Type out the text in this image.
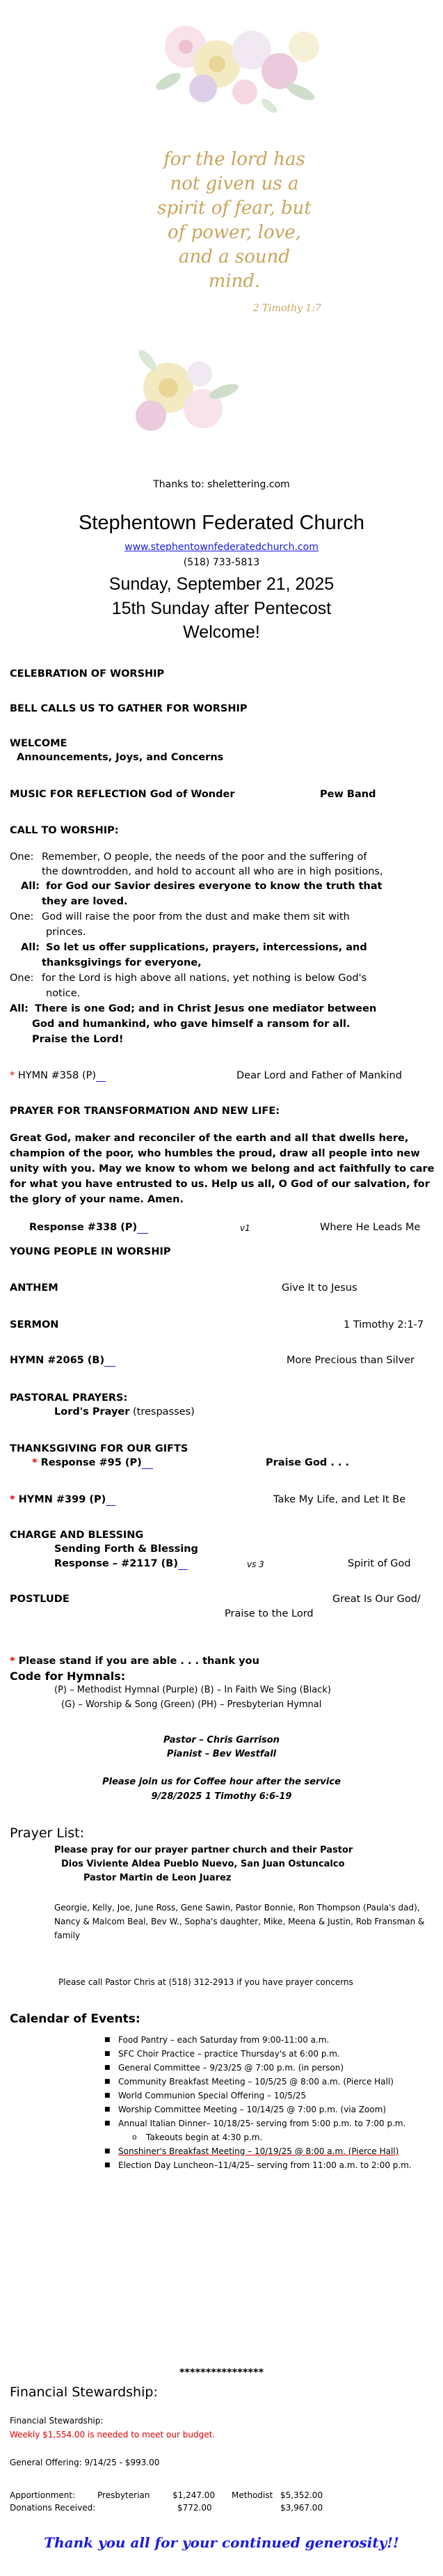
for the lord has
not given us a
spirit of fear, but
of power, love,
and a sound
mind.
2 Timothy 1:7
Thanks to: shelettering.com
Stephentown Federated Church
www.stephentownfederatedchurch.com
(518) 733-5813
Sunday, September 21, 2025
15th Sunday after Pentecost
Welcome!
CELEBRATION OF WORSHIP
BELL CALLS US TO GATHER FOR WORSHIP
WELCOME
Announcements, Joys, and Concerns
MUSIC FOR REFLECTION God of Wonder	Pew Band
CALL TO WORSHIP:
One: Remember, O people, the needs of the poor and the suffering of
the downtrodden, and hold to account all who are in high positions,
All: for God our Savior desires everyone to know the truth that
they are loved.
One: God will raise the poor from the dust and make them sit with
princes.
All: So let us offer supplications, prayers, intercessions, and
thanksgivings for everyone,
One: for the Lord is high above all nations, yet nothing is below God's
notice.
All: There is one God; and in Christ Jesus one mediator between
God and humankind, who gave himself a ransom for all.
Praise the Lord!
* HYMN #358 (P)	Dear Lord and Father of Mankind
PRAYER FOR TRANSFORMATION AND NEW LIFE:
Great God, maker and reconciler of the earth and all that dwells here, champion of the poor, who humbles the proud, draw all people into new unity with you. May we know to whom we belong and act faithfully to care for what you have entrusted to us. Help us all, O God of our salvation, for the glory of your name. Amen.
Response #338 (P)	v1	Where He Leads Me
YOUNG PEOPLE IN WORSHIP
ANTHEM	Give It to Jesus
SERMON	1 Timothy 2:1-7
HYMN #2065 (B)	More Precious than Silver
PASTORAL PRAYERS:
Lord's Prayer (trespasses)
THANKSGIVING FOR OUR GIFTS
* Response #95 (P)	Praise God . . .
* HYMN #399 (P)	Take My Life, and Let It Be
CHARGE AND BLESSING
Sending Forth & Blessing
Response – #2117 (B)	vs 3	Spirit of God
POSTLUDE	Great Is Our God/
Praise to the Lord
* Please stand if you are able . . . thank you
Code for Hymnals:
(P) – Methodist Hymnal (Purple) (B) – In Faith We Sing (Black)
(G) – Worship & Song (Green) (PH) – Presbyterian Hymnal
Pastor – Chris Garrison
Pianist – Bev Westfall
Please join us for Coffee hour after the service
9/28/2025 1 Timothy 6:6-19
Prayer List:
Please pray for our prayer partner church and their Pastor
Dios Viviente Aldea Pueblo Nuevo, San Juan Ostuncalco
Pastor Martin de Leon Juarez
Georgie, Kelly, Joe, June Ross, Gene Sawin, Pastor Bonnie, Ron Thompson (Paula's dad), Nancy & Malcom Beal, Bev W., Sopha's daughter, Mike, Meena & Justin, Rob Fransman & family
Please call Pastor Chris at (518) 312-2913 if you have prayer concerns
Calendar of Events:
■ Food Pantry – each Saturday from 9:00-11:00 a.m.
■ SFC Choir Practice – practice Thursday's at 6:00 p.m.
■ General Committee – 9/23/25 @ 7:00 p.m. (in person)
■ Community Breakfast Meeting – 10/5/25 @ 8:00 a.m. (Pierce Hall)
■ World Communion Special Offering – 10/5/25
■ Worship Committee Meeting – 10/14/25 @ 7:00 p.m. (via Zoom)
■ Annual Italian Dinner– 10/18/25- serving from 5:00 p.m. to 7:00 p.m.
o Takeouts begin at 4:30 p.m.
■ Sonshiner's Breakfast Meeting – 10/19/25 @ 8:00 a.m. (Pierce Hall)
■ Election Day Luncheon–11/4/25– serving from 11:00 a.m. to 2:00 p.m.
****************
Financial Stewardship:
Financial Stewardship:
Weekly $1,554.00 is needed to meet our budget.
General Offering: 9/14/25 - $993.00
Apportionment:	Presbyterian	$1,247.00 Methodist $5,352.00
Donations Received:	$772.00	$3,967.00
Thank you all for your continued generosity!!
